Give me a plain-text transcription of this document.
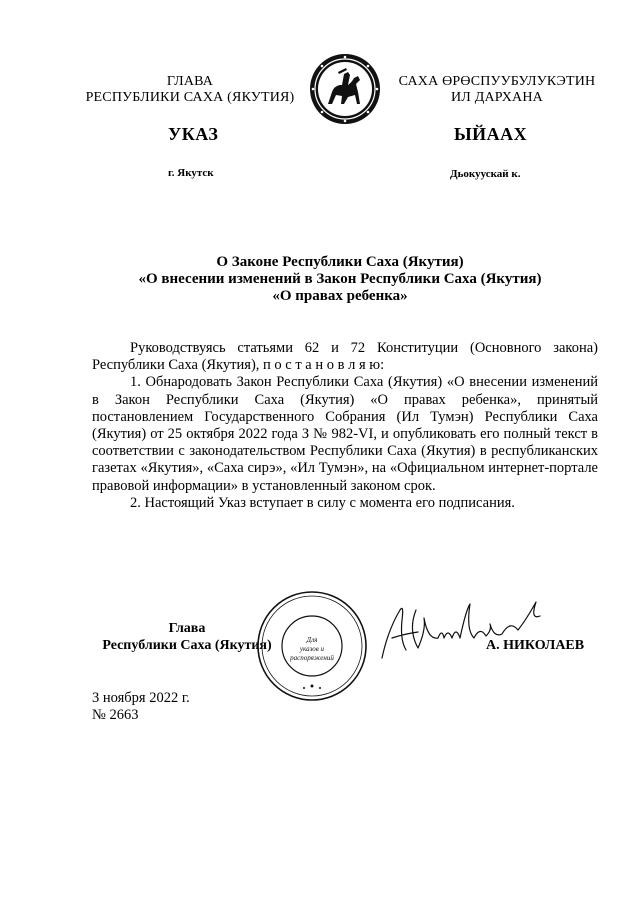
ГЛАВА
РЕСПУБЛИКИ САХА (ЯКУТИЯ)
САХА ӨРӨСПУУБУЛУКЭТИН
ИЛ ДАРХАНА
УКАЗ	ЫЙААХ
г. Якутск	Дьокуускай к.
О Законе Республики Саха (Якутия)
«О внесении изменений в Закон Республики Саха (Якутия)
«О правах ребенка»

Руководствуясь статьями 62 и 72 Конституции (Основного закона) Республики Саха (Якутия), п о с т а н о в л я ю:

1. Обнародовать Закон Республики Саха (Якутия) «О внесении изменений в Закон Республики Саха (Якутия) «О правах ребенка», принятый постановлением Государственного Собрания (Ил Тумэн) Республики Саха (Якутия) от 25 октября 2022 года З № 982-VI, и опубликовать его полный текст в соответствии с законодательством Республики Саха (Якутия) в республиканских газетах «Якутия», «Саха сирэ», «Ил Тумэн», на «Официальном интернет-портале правовой информации» в установленный законом срок.

2. Настоящий Указ вступает в силу с момента его подписания.

Глава
Республики Саха (Якутия)	Для
указов и
распоряжений
А. НИКОЛАЕВ
3 ноября 2022 г.
№ 2663
